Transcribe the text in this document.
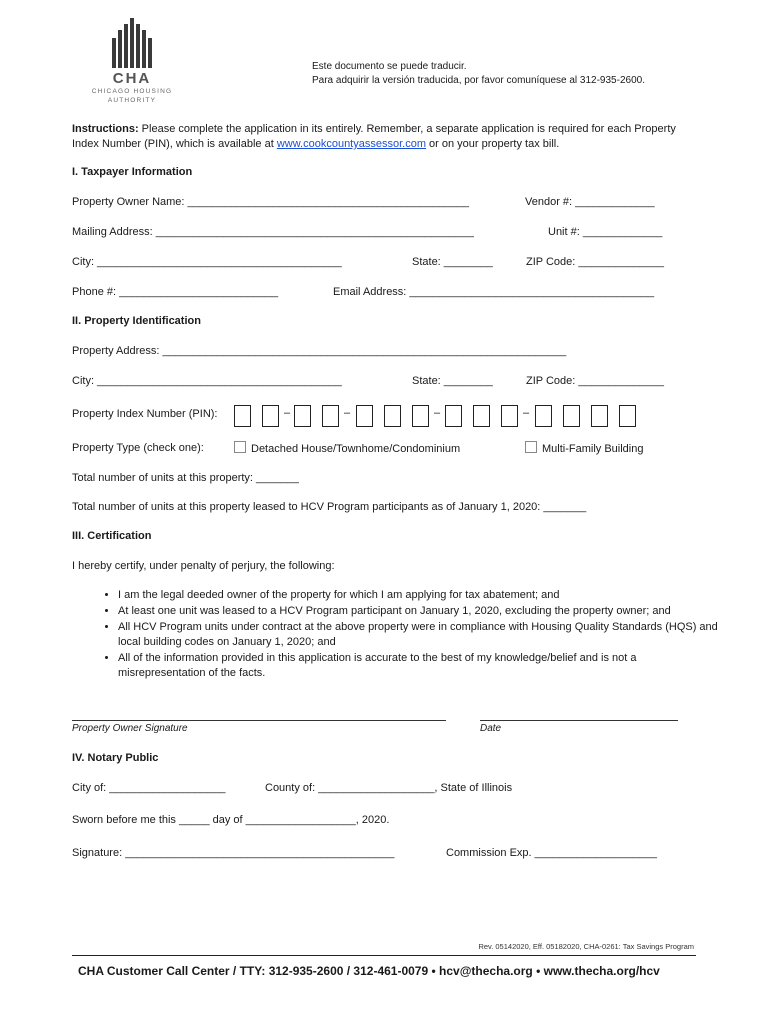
CHA
CHICAGO HOUSING
AUTHORITY
Este documento se puede traducir.
Para adquirir la versión traducida, por favor comuníquese al 312-935-2600.
Instructions: Please complete the application in its entirely. Remember, a separate application is required for each Property Index Number (PIN), which is available at www.cookcountyassessor.com or on your property tax bill.
I. Taxpayer Information
Property Owner Name: ______________________________________________	Vendor #: _____________
Mailing Address: ____________________________________________________	Unit #: _____________
City: ________________________________________	State: ________	ZIP Code: ______________
Phone #: __________________________	Email Address: ________________________________________
II. Property Identification
Property Address: __________________________________________________________________
City: ________________________________________	State: ________	ZIP Code: ______________
Property Index Number (PIN):	–	–	–	–
Property Type (check one):	Detached House/Townhome/Condominium	Multi-Family Building
Total number of units at this property: _______
Total number of units at this property leased to HCV Program participants as of January 1, 2020: _______
III. Certification
I hereby certify, under penalty of perjury, the following:
• I am the legal deeded owner of the property for which I am applying for tax abatement; and
• At least one unit was leased to a HCV Program participant on January 1, 2020, excluding the property owner; and
• All HCV Program units under contract at the above property were in compliance with Housing Quality Standards (HQS) and local building codes on January 1, 2020; and
• All of the information provided in this application is accurate to the best of my knowledge/belief and is not a misrepresentation of the facts.
Property Owner Signature	Date
IV. Notary Public
City of: ___________________	County of: ___________________, State of Illinois
Sworn before me this _____ day of __________________, 2020.
Signature: ____________________________________________	Commission Exp. ____________________
Rev. 05142020, Eff. 05182020, CHA-0261: Tax Savings Program
CHA Customer Call Center / TTY: 312-935-2600 / 312-461-0079 • hcv@thecha.org • www.thecha.org/hcv
